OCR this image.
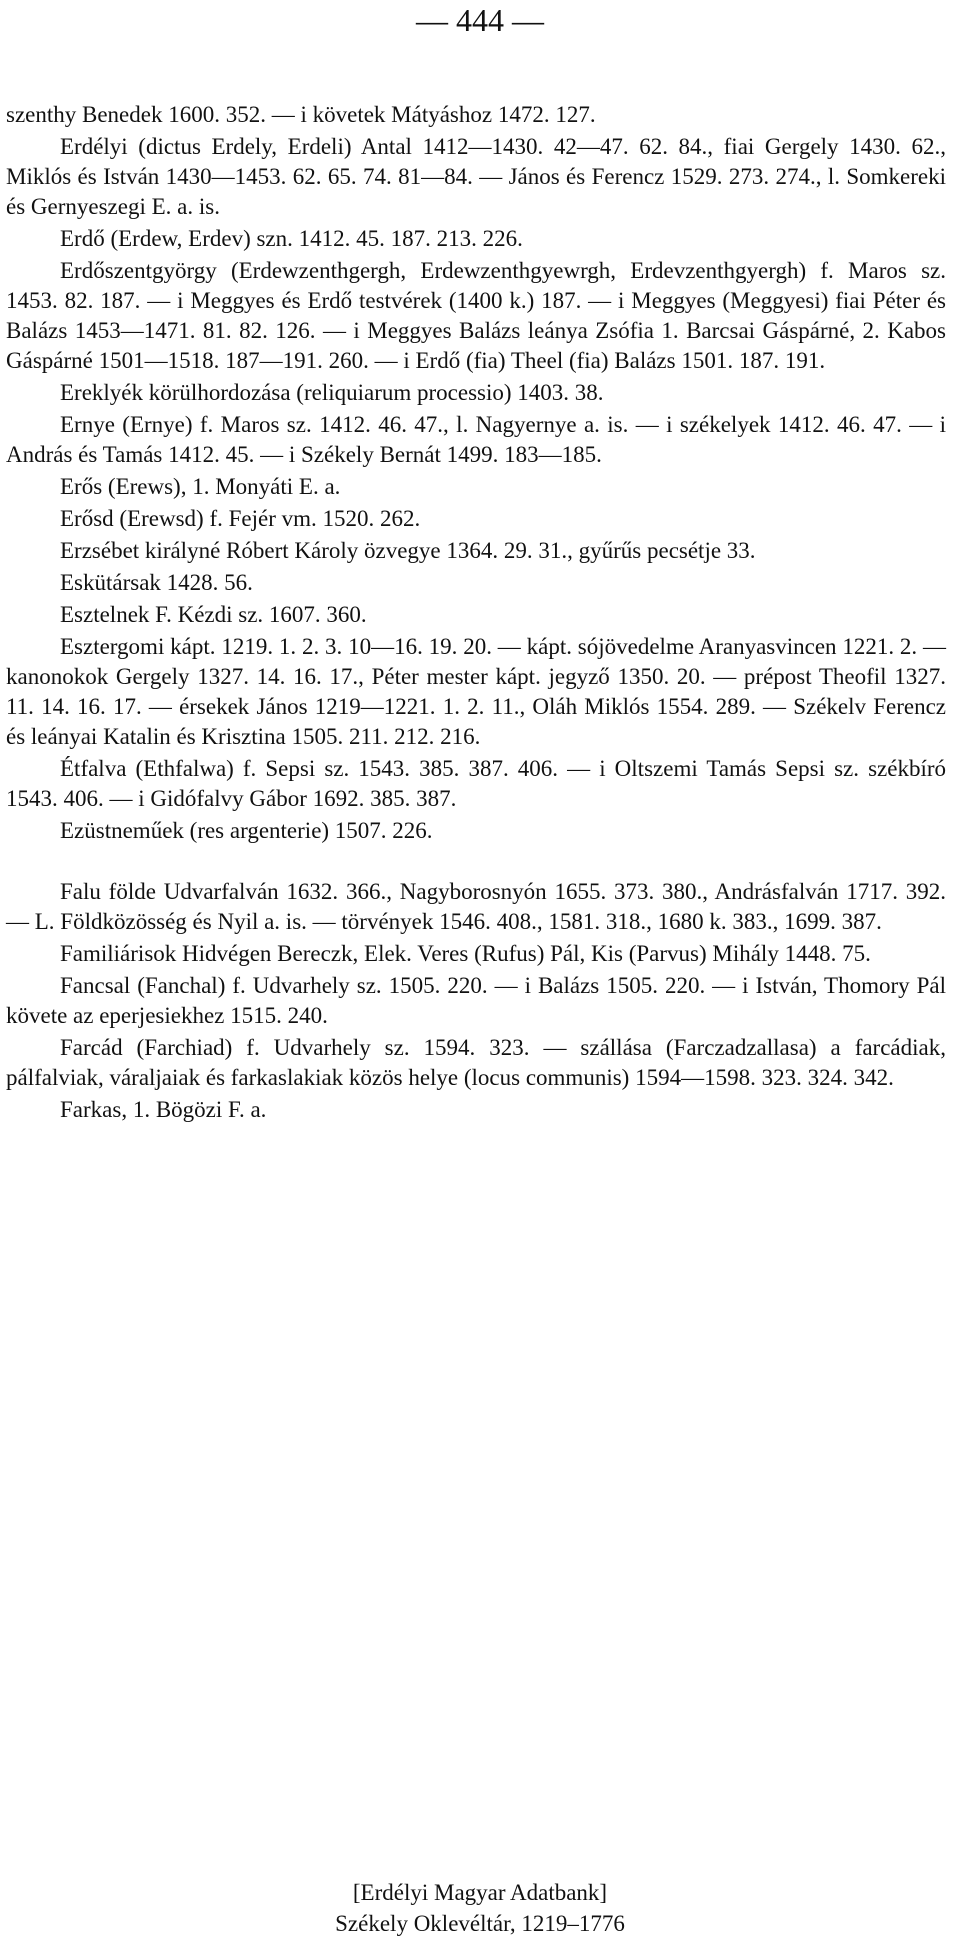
— 444 —

szenthy Benedek 1600. 352. — i követek Mátyáshoz 1472. 127.

Erdélyi (dictus Erdely, Erdeli) Antal 1412—1430. 42—47. 62. 84., fiai Gergely 1430. 62., Miklós és István 1430—1453. 62. 65. 74. 81—84. — János és Ferencz 1529. 273. 274., l. Somkereki és Gernyeszegi E. a. is.

Erdő (Erdew, Erdev) szn. 1412. 45. 187. 213. 226.

Erdőszentgyörgy (Erdewzenthgergh, Erdewzenthgyewrgh, Erdevzenthgyergh) f. Maros sz. 1453. 82. 187. — i Meggyes és Erdő testvérek (1400 k.) 187. — i Meggyes (Meggyesi) fiai Péter és Balázs 1453—1471. 81. 82. 126. — i Meggyes Balázs leánya Zsófia 1. Barcsai Gáspárné, 2. Kabos Gáspárné 1501—1518. 187—191. 260. — i Erdő (fia) Theel (fia) Balázs 1501. 187. 191.

Ereklyék körülhordozása (reliquiarum processio) 1403. 38.

Ernye (Ernye) f. Maros sz. 1412. 46. 47., l. Nagyernye a. is. — i székelyek 1412. 46. 47. — i András és Tamás 1412. 45. — i Székely Bernát 1499. 183—185.

Erős (Erews), 1. Monyáti E. a.

Erősd (Erewsd) f. Fejér vm. 1520. 262.

Erzsébet királyné Róbert Károly özvegye 1364. 29. 31., gyűrűs pecsétje 33.

Eskütársak 1428. 56.

Esztelnek F. Kézdi sz. 1607. 360.

Esztergomi kápt. 1219. 1. 2. 3. 10—16. 19. 20. — kápt. sójövedelme Aranyasvincen 1221. 2. — kanonokok Gergely 1327. 14. 16. 17., Péter mester kápt. jegyző 1350. 20. — prépost Theofil 1327. 11. 14. 16. 17. — érsekek János 1219—1221. 1. 2. 11., Oláh Miklós 1554. 289. — Székelv Ferencz és leányai Katalin és Krisztina 1505. 211. 212. 216.

Étfalva (Ethfalwa) f. Sepsi sz. 1543. 385. 387. 406. — i Oltszemi Tamás Sepsi sz. székbíró 1543. 406. — i Gidófalvy Gábor 1692. 385. 387.

Ezüstneműek (res argenterie) 1507. 226.

Falu földe Udvarfalván 1632. 366., Nagyborosnyón 1655. 373. 380., Andrásfalván 1717. 392. — L. Földközösség és Nyil a. is. — törvények 1546. 408., 1581. 318., 1680 k. 383., 1699. 387.

Familiárisok Hidvégen Bereczk, Elek. Veres (Rufus) Pál, Kis (Parvus) Mihály 1448. 75.

Fancsal (Fanchal) f. Udvarhely sz. 1505. 220. — i Balázs 1505. 220. — i István, Thomory Pál követe az eperjesiekhez 1515. 240.

Farcád (Farchiad) f. Udvarhely sz. 1594. 323. — szállása (Farczadzallasa) a farcádiak, pálfalviak, váraljaiak és farkaslakiak közös helye (locus communis) 1594—1598. 323. 324. 342.

Farkas, 1. Bögözi F. a.

[Erdélyi Magyar Adatbank]
Székely Oklevéltár, 1219–1776
